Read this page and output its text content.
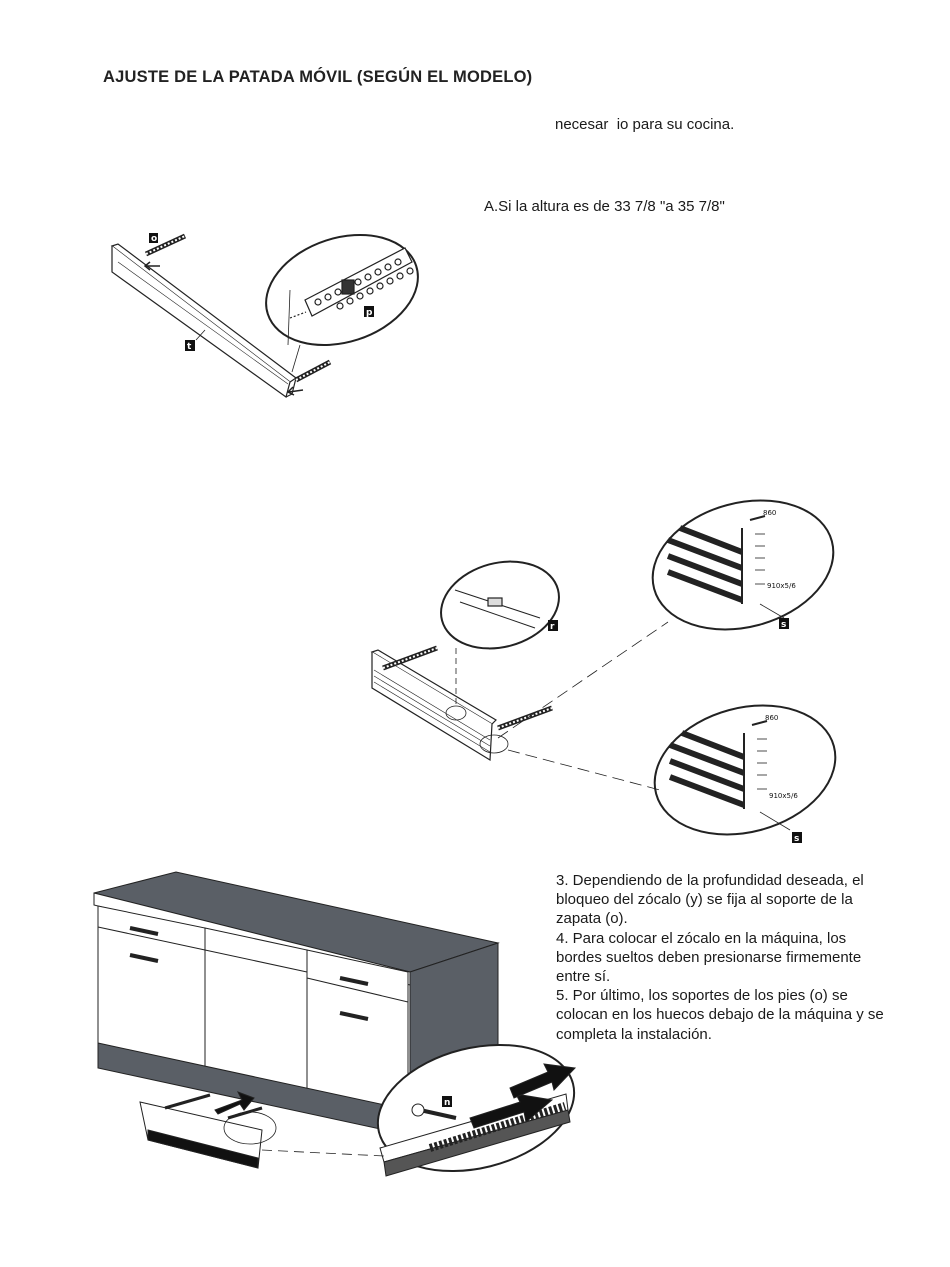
AJUSTE DE LA PATADA MÓVIL (SEGÚN EL MODELO)
necesar  io para su cocina.
A.Si la altura es de 33 7/8 "a 35 7/8"
o
p
t
r
860
910x5/6
s
860
910x5/6
s
n

3. Dependiendo de la profundidad deseada, el bloqueo del zócalo (y) se fija al soporte de la zapata (o).

4. Para colocar el zócalo en la máquina, los bordes sueltos deben presionarse firmemente entre sí.

5. Por último, los soportes de los pies (o) se colocan en los huecos debajo de la máquina y se completa la instalación.
